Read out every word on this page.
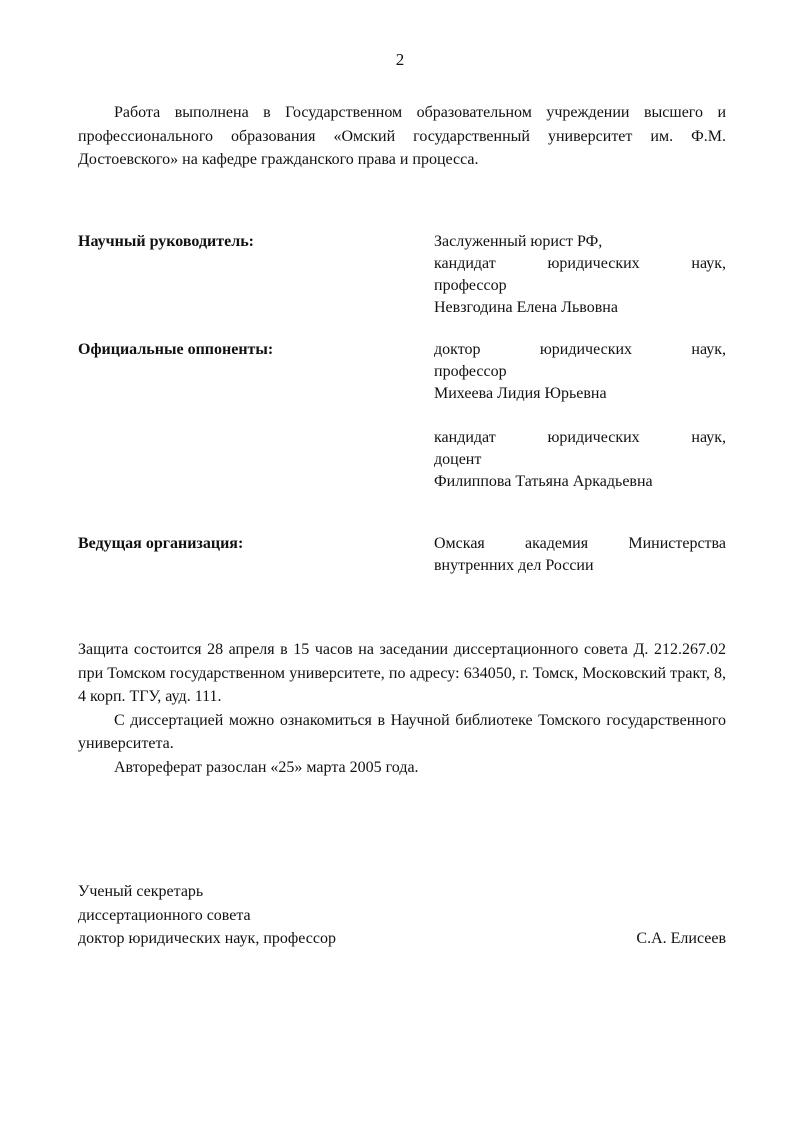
2

Работа выполнена в Государственном образовательном учреждении высшего и профессионального образования «Омский государственный университет им. Ф.М. Достоевского» на кафедре гражданского права и процесса.

Научный руководитель:	Заслуженный юрист РФ,
кандидат юридических наук,
профессор
Невзгодина Елена Львовна
Официальные оппоненты:	доктор юридических наук,
профессор
Михеева Лидия Юрьевна
кандидат юридических наук,
доцент
Филиппова Татьяна Аркадьевна
Ведущая организация:	Омская академия Министерства
внутренних дел России

Защита состоится 28 апреля в 15 часов на заседании диссертационного совета Д. 212.267.02 при Томском государственном университете, по адресу: 634050, г. Томск, Московский тракт, 8, 4 корп. ТГУ, ауд. 111.

С диссертацией можно ознакомиться в Научной библиотеке Томского государственного университета.

Автореферат разослан «25» марта 2005 года.

Ученый секретарь
диссертационного совета
доктор юридических наук, профессор	С.А. Елисеев
